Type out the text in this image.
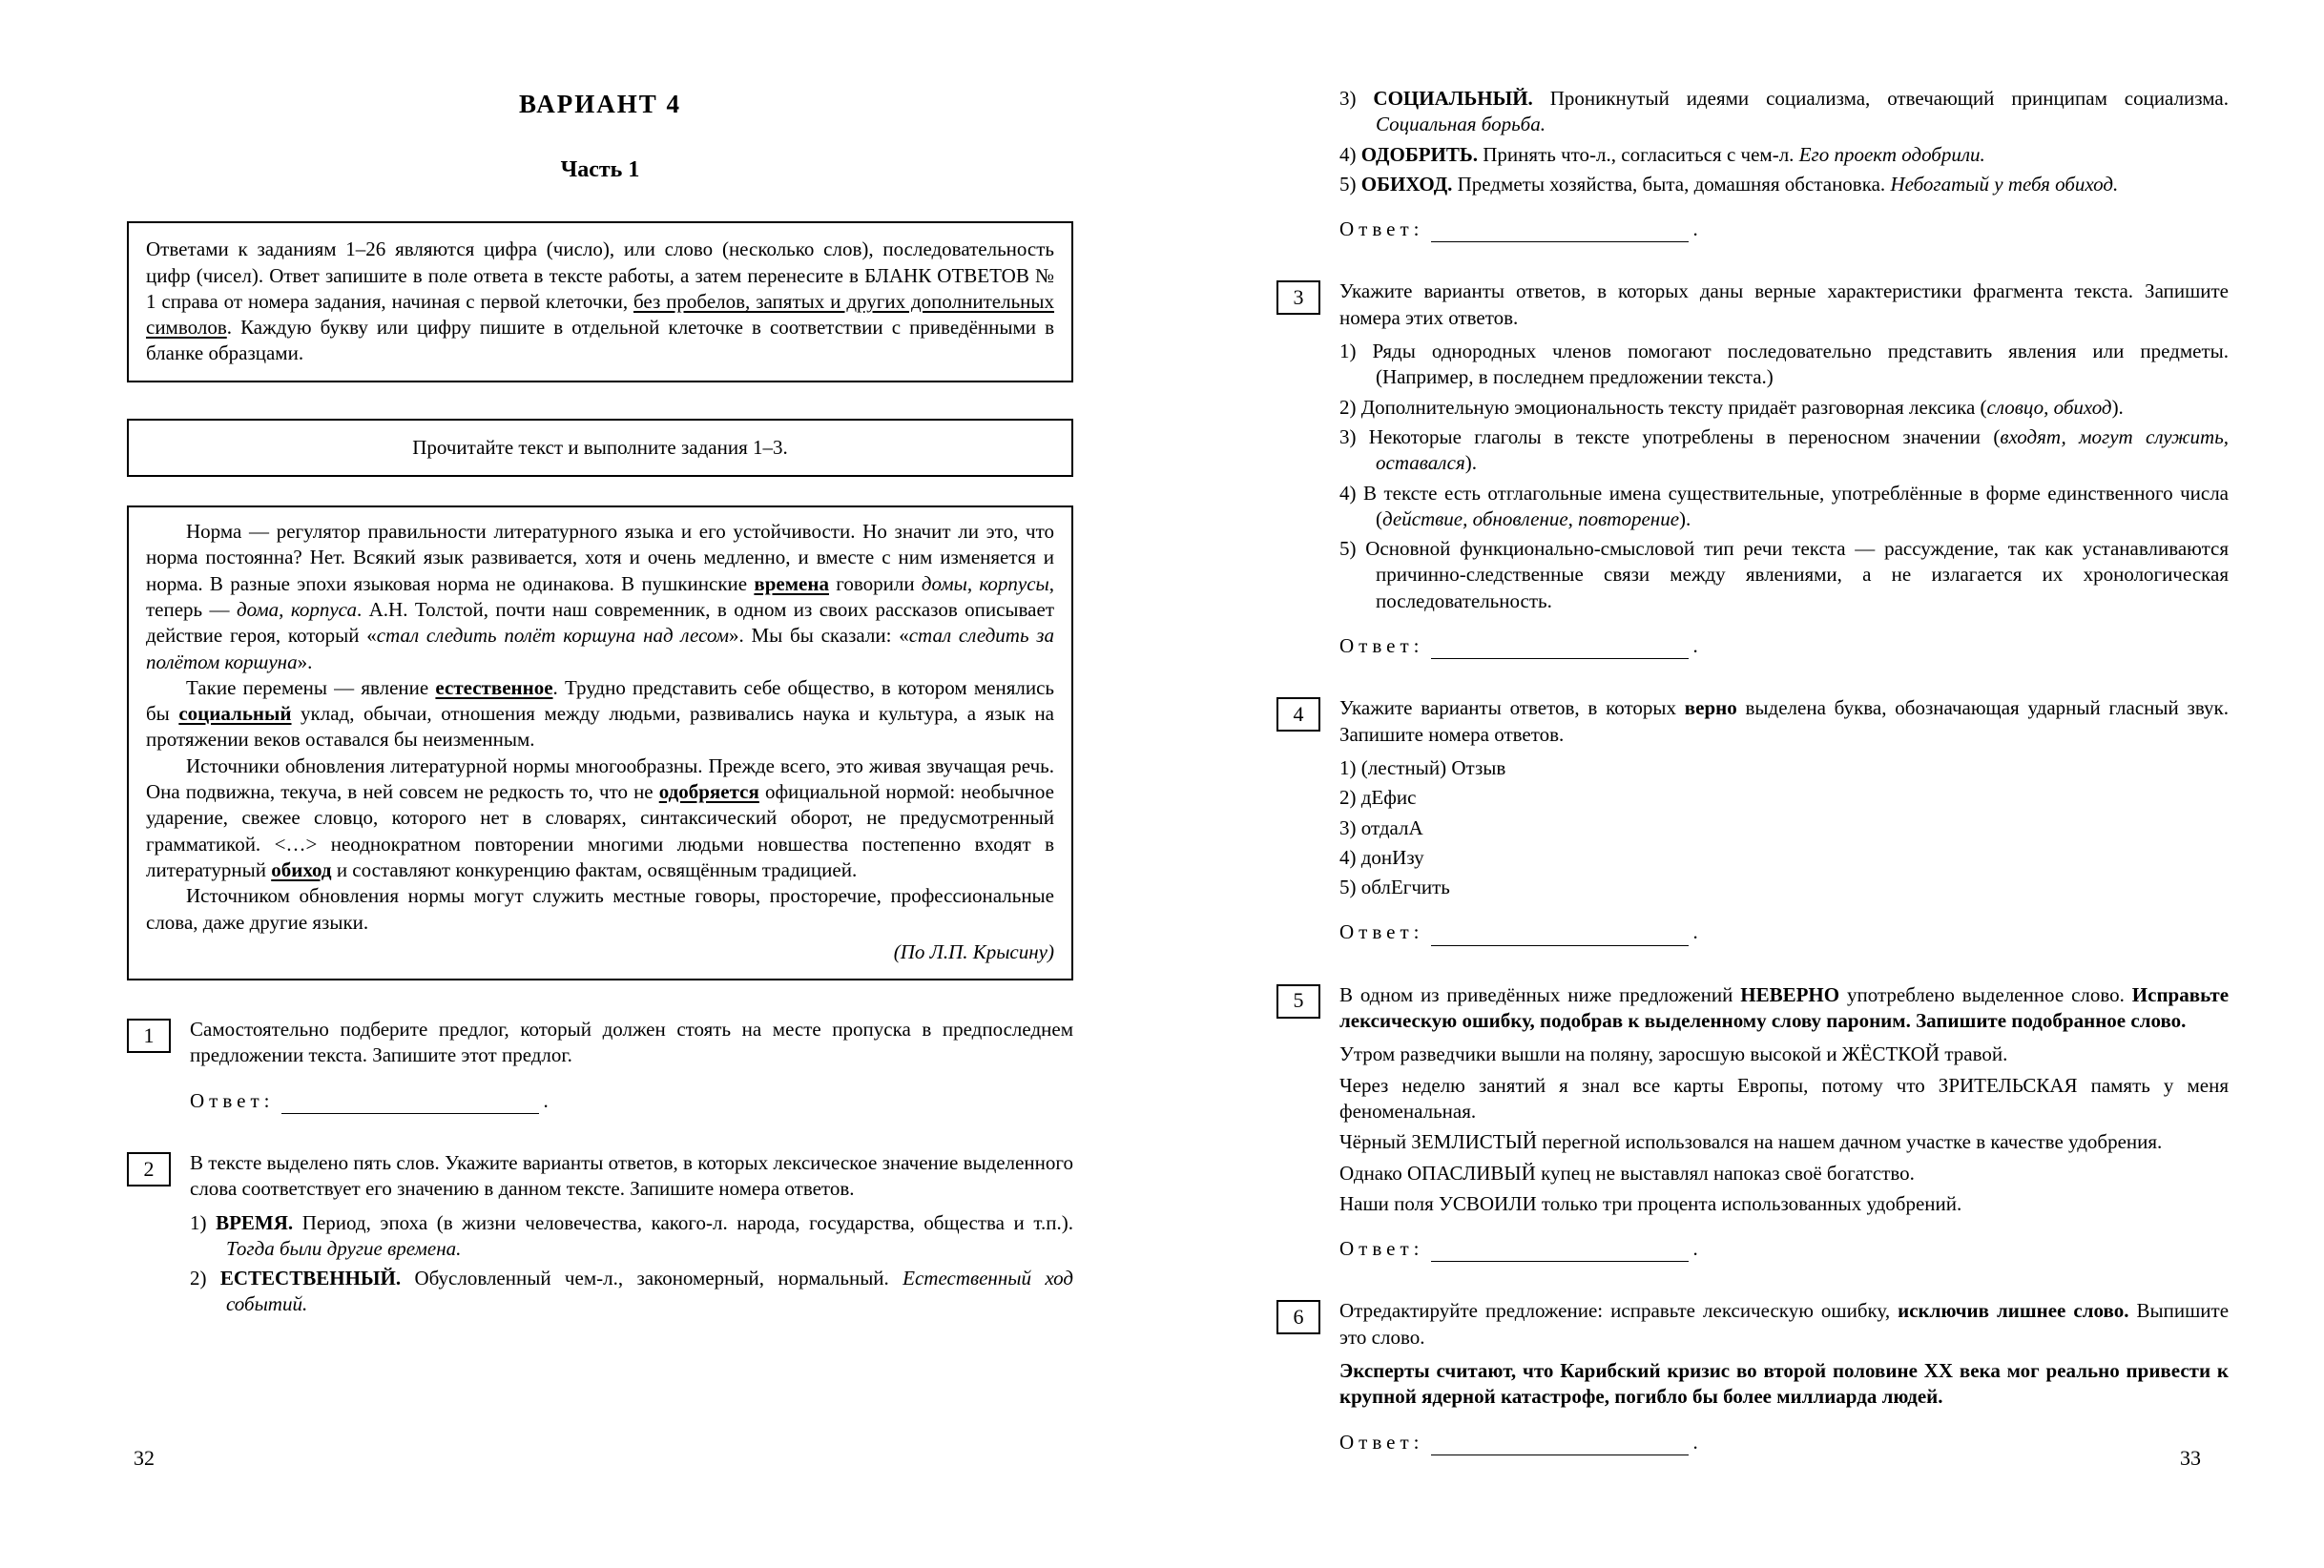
ВАРИАНТ 4
Часть 1

Ответами к заданиям 1–26 являются цифра (число), или слово (несколько слов), последовательность цифр (чисел). Ответ запишите в поле ответа в тексте работы, а затем перенесите в БЛАНК ОТВЕТОВ № 1 справа от номера задания, начиная с первой клеточки, без пробелов, запятых и других дополнительных символов. Каждую букву или цифру пишите в отдельной клеточке в соответствии с приведёнными в бланке образцами.

Прочитайте текст и выполните задания 1–3.

Норма — регулятор правильности литературного языка и его устойчивости. Но значит ли это, что норма постоянна? Нет. Всякий язык развивается, хотя и очень медленно, и вместе с ним изменяется и норма. В разные эпохи языковая норма не одинакова. В пушкинские времена говорили домы, корпусы, теперь — дома, корпуса. А.Н. Толстой, почти наш современник, в одном из своих рассказов описывает действие героя, который «стал следить полёт коршуна над лесом». Мы бы сказали: «стал следить за полётом коршуна».

Такие перемены — явление естественное. Трудно представить себе общество, в котором менялись бы социальный уклад, обычаи, отношения между людьми, развивались наука и культура, а язык на протяжении веков оставался бы неизменным.

Источники обновления литературной нормы многообразны. Прежде всего, это живая звучащая речь. Она подвижна, текуча, в ней совсем не редкость то, что не одобряется официальной нормой: необычное ударение, свежее словцо, которого нет в словарях, синтаксический оборот, не предусмотренный грамматикой. <…> неоднократном повторении многими людьми новшества постепенно входят в литературный обиход и составляют конкуренцию фактам, освящённым традицией.

Источником обновления нормы могут служить местные говоры, просторечие, профессиональные слова, даже другие языки.

(По Л.П. Крысину)

1	Самостоятельно подберите предлог, который должен стоять на месте пропуска в предпоследнем предложении текста. Запишите этот предлог.

Ответ:	.
2	В тексте выделено пять слов. Укажите варианты ответов, в которых лексическое значение выделенного слова соответствует его значению в данном тексте. Запишите номера ответов.

1) ВРЕМЯ. Период, эпоха (в жизни человечества, какого-л. народа, государства, общества и т.п.). Тогда были другие времена.

2) ЕСТЕСТВЕННЫЙ. Обусловленный чем-л., закономерный, нормальный. Естественный ход событий.

3) СОЦИАЛЬНЫЙ. Проникнутый идеями социализма, отвечающий принципам социализма. Социальная борьба.

4) ОДОБРИТЬ. Принять что-л., согласиться с чем-л. Его проект одобрили.

5) ОБИХОД. Предметы хозяйства, быта, домашняя обстановка. Небогатый у тебя обиход.

Ответ:	.
3	Укажите варианты ответов, в которых даны верные характеристики фрагмента текста. Запишите номера этих ответов.

1) Ряды однородных членов помогают последовательно представить явления или предметы. (Например, в последнем предложении текста.)

2) Дополнительную эмоциональность тексту придаёт разговорная лексика (словцо, обиход).

3) Некоторые глаголы в тексте употреблены в переносном значении (входят, могут служить, оставался).

4) В тексте есть отглагольные имена существительные, употреблённые в форме единственного числа (действие, обновление, повторение).

5) Основной функционально-смысловой тип речи текста — рассуждение, так как устанавливаются причинно-следственные связи между явлениями, а не излагается их хронологическая последовательность.

Ответ:	.
4	Укажите варианты ответов, в которых верно выделена буква, обозначающая ударный гласный звук. Запишите номера ответов.

1) (лестный) Отзыв

2) дЕфис

3) отдалА

4) донИзу

5) облЕгчить

Ответ:	.
5	В одном из приведённых ниже предложений НЕВЕРНО употреблено выделенное слово. Исправьте лексическую ошибку, подобрав к выделенному слову пароним. Запишите подобранное слово.

Утром разведчики вышли на поляну, заросшую высокой и ЖЁСТКОЙ травой.

Через неделю занятий я знал все карты Европы, потому что ЗРИТЕЛЬСКАЯ память у меня феноменальная.

Чёрный ЗЕМЛИСТЫЙ перегной использовался на нашем дачном участке в качестве удобрения.

Однако ОПАСЛИВЫЙ купец не выставлял напоказ своё богатство.

Наши поля УСВОИЛИ только три процента использованных удобрений.

Ответ:	.
6	Отредактируйте предложение: исправьте лексическую ошибку, исключив лишнее слово. Выпишите это слово.

Эксперты считают, что Карибский кризис во второй половине XX века мог реально привести к крупной ядерной катастрофе, погибло бы более миллиарда людей.

Ответ:	.
32	33
